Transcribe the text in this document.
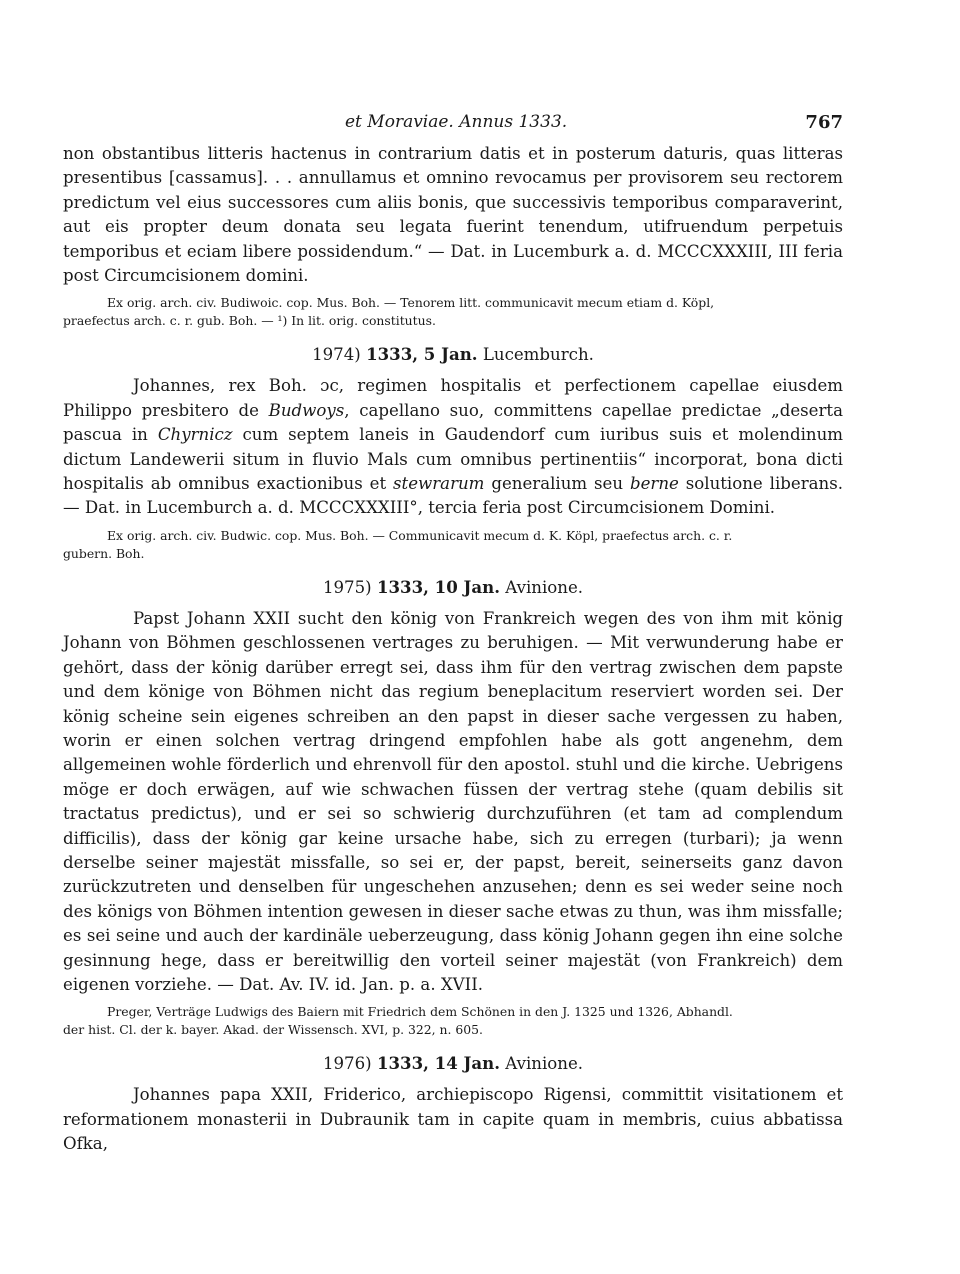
et Moraviae. Annus 1333.	767

non obstantibus litteris hactenus in contrarium datis et in posterum daturis, quas litteras presentibus [cassamus]. . . annullamus et omnino revocamus per provisorem seu rectorem predictum vel eius successores cum aliis bonis, que successivis temporibus comparaverint, aut eis propter deum donata seu legata fuerint tenendum, utifruendum perpetuis temporibus et eciam libere possidendum.“ — Dat. in Lucemburk a. d. MCCCXXXIII, III feria post Circumcisionem domini.

Ex orig. arch. civ. Budiwoic. cop. Mus. Boh. — Tenorem litt. communicavit mecum etiam d. Köpl,
praefectus arch. c. r. gub. Boh. — ¹) In lit. orig. constitutus.
1974) 1333, 5 Jan. Lucemburch.

Johannes, rex Boh. ɔc, regimen hospitalis et perfectionem capellae eiusdem Philippo presbitero de Budwoys, capellano suo, committens capellae predictae „deserta pascua in Chyrnicz cum septem laneis in Gaudendorf cum iuribus suis et molendinum dictum Landewerii situm in fluvio Mals cum omnibus pertinentiis“ incorporat, bona dicti hospitalis ab omnibus exactionibus et stewrarum generalium seu berne solutione liberans. — Dat. in Lucemburch a. d. MCCCXXXIII°, tercia feria post Circumcisionem Domini.

Ex orig. arch. civ. Budwic. cop. Mus. Boh. — Communicavit mecum d. K. Köpl, praefectus arch. c. r.
gubern. Boh.
1975) 1333, 10 Jan. Avinione.

Papst Johann XXII sucht den könig von Frankreich wegen des von ihm mit könig Johann von Böhmen geschlossenen vertrages zu beruhigen. — Mit verwunderung habe er gehört, dass der könig darüber erregt sei, dass ihm für den vertrag zwischen dem papste und dem könige von Böhmen nicht das regium beneplacitum reserviert worden sei. Der könig scheine sein eigenes schreiben an den papst in dieser sache vergessen zu haben, worin er einen solchen vertrag dringend empfohlen habe als gott angenehm, dem allgemeinen wohle förderlich und ehrenvoll für den apostol. stuhl und die kirche. Uebrigens möge er doch erwägen, auf wie schwachen füssen der vertrag stehe (quam debilis sit tractatus predictus), und er sei so schwierig durchzuführen (et tam ad complendum difficilis), dass der könig gar keine ursache habe, sich zu erregen (turbari); ja wenn derselbe seiner majestät missfalle, so sei er, der papst, bereit, seinerseits ganz davon zurückzutreten und denselben für ungeschehen anzusehen; denn es sei weder seine noch des königs von Böhmen intention gewesen in dieser sache etwas zu thun, was ihm missfalle; es sei seine und auch der kardinäle ueberzeugung, dass könig Johann gegen ihn eine solche gesinnung hege, dass er bereitwillig den vorteil seiner majestät (von Frankreich) dem eigenen vorziehe. — Dat. Av. IV. id. Jan. p. a. XVII.

Preger, Verträge Ludwigs des Baiern mit Friedrich dem Schönen in den J. 1325 und 1326, Abhandl.
der hist. Cl. der k. bayer. Akad. der Wissensch. XVI, p. 322, n. 605.
1976) 1333, 14 Jan. Avinione.

Johannes papa XXII, Friderico, archiepiscopo Rigensi, committit visitationem et reformationem monasterii in Dubraunik tam in capite quam in membris, cuius abbatissa Ofka,
